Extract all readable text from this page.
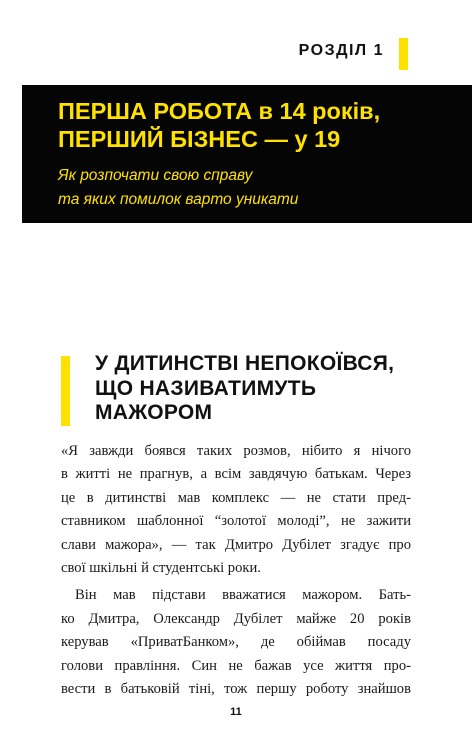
РОЗДІЛ 1
ПЕРША РОБОТА в 14 років,
ПЕРШИЙ БІЗНЕС — у 19

Як розпочати свою справу
та яких помилок варто уникати

У ДИТИНСТВІ НЕПОКОЇВСЯ,
ЩО НАЗИВАТИМУТЬ
МАЖОРОМ

«Я завжди боявся таких розмов, нібито я нічого
в житті не прагнув, а всім завдячую батькам. Через
це в дитинстві мав комплекс — не стати пред-
ставником шаблонної “золотої молоді”, не зажити
слави мажора», — так Дмитро Дубілет згадує про
свої шкільні й студентські роки.

Він мав підстави вважатися мажором. Бать-
ко Дмитра, Олександр Дубілет майже 20 років
керував «ПриватБанком», де обіймав посаду
голови правління. Син не бажав усе життя про-
вести в батьковій тіні, тож першу роботу знайшов

11
